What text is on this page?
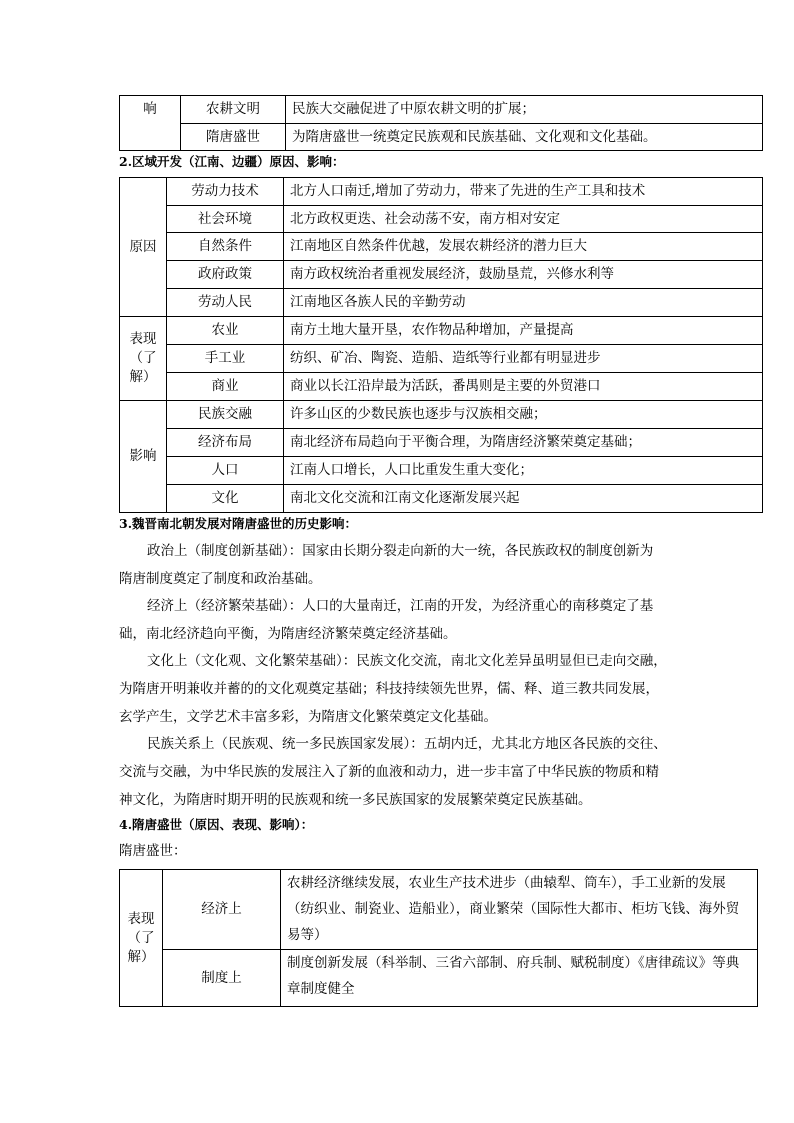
响	农耕文明	民族大交融促进了中原农耕文明的扩展；
	隋唐盛世	为隋唐盛世一统奠定民族观和民族基础、文化观和文化基础。
2.区域开发（江南、边疆）原因、影响：
原因	劳动力技术	北方人口南迁,增加了劳动力，带来了先进的生产工具和技术
	社会环境	北方政权更迭、社会动荡不安，南方相对安定
	自然条件	江南地区自然条件优越，发展农耕经济的潜力巨大
	政府政策	南方政权统治者重视发展经济，鼓励垦荒，兴修水利等
	劳动人民	江南地区各族人民的辛勤劳动

表现
（了
解）	农业	南方土地大量开垦，农作物品种增加，产量提高
	手工业	纺织、矿冶、陶瓷、造船、造纸等行业都有明显进步
	商业	商业以长江沿岸最为活跃，番禺则是主要的外贸港口

影响	民族交融	许多山区的少数民族也逐步与汉族相交融；
	经济布局	南北经济布局趋向于平衡合理，为隋唐经济繁荣奠定基础；
	人口	江南人口增长，人口比重发生重大变化；
	文化	南北文化交流和江南文化逐渐发展兴起
3.魏晋南北朝发展对隋唐盛世的历史影响：
政治上（制度创新基础）：国家由长期分裂走向新的大一统，各民族政权的制度创新为
隋唐制度奠定了制度和政治基础。
经济上（经济繁荣基础）：人口的大量南迁，江南的开发，为经济重心的南移奠定了基
础，南北经济趋向平衡，为隋唐经济繁荣奠定经济基础。
文化上（文化观、文化繁荣基础）：民族文化交流，南北文化差异虽明显但已走向交融，
为隋唐开明兼收并蓄的的文化观奠定基础；科技持续领先世界，儒、释、道三教共同发展，
玄学产生，文学艺术丰富多彩，为隋唐文化繁荣奠定文化基础。
民族关系上（民族观、统一多民族国家发展）：五胡内迁，尤其北方地区各民族的交往、
交流与交融，为中华民族的发展注入了新的血液和动力，进一步丰富了中华民族的物质和精
神文化，为隋唐时期开明的民族观和统一多民族国家的发展繁荣奠定民族基础。
4.隋唐盛世（原因、表现、影响）：
隋唐盛世：
表现
（了
解）	经济上	农耕经济继续发展，农业生产技术进步（曲辕犁、筒车），手工业新的发展
（纺织业、制瓷业、造船业），商业繁荣（国际性大都市、柜坊飞钱、海外贸
易等）

	制度上	制度创新发展（科举制、三省六部制、府兵制、赋税制度）《唐律疏议》等典
章制度健全
